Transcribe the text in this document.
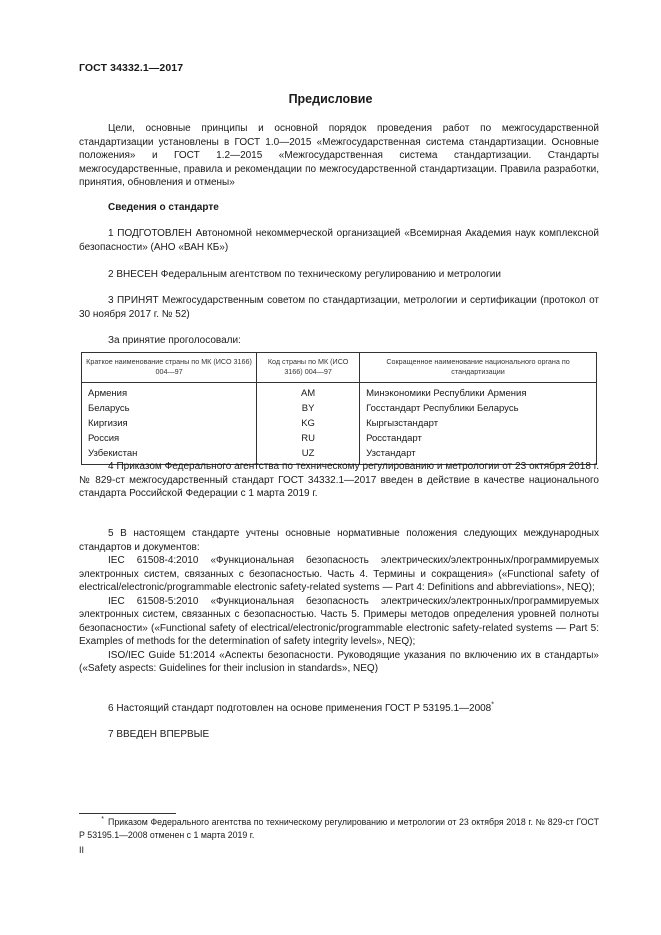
ГОСТ 34332.1—2017
Предисловие
Цели, основные принципы и основной порядок проведения работ по межгосударственной стандартизации установлены в ГОСТ 1.0—2015 «Межгосударственная система стандартизации. Основные положения» и ГОСТ 1.2—2015 «Межгосударственная система стандартизации. Стандарты межгосударственные, правила и рекомендации по межгосударственной стандартизации. Правила разработки, принятия, обновления и отмены»
Сведения о стандарте
1 ПОДГОТОВЛЕН Автономной некоммерческой организацией «Всемирная Академия наук комплексной безопасности» (АНО «ВАН КБ»)
2 ВНЕСЕН Федеральным агентством по техническому регулированию и метрологии
3 ПРИНЯТ Межгосударственным советом по стандартизации, метрологии и сертификации (протокол от 30 ноября 2017 г. № 52)
За принятие проголосовали:
Краткое наименование страны по МК (ИСО 3166) 004—97	Код страны по МК (ИСО 3166) 004—97	Сокращенное наименование национального органа по стандартизации
Армения	AM	Минэкономики Республики Армения
Беларусь	BY	Госстандарт Республики Беларусь
Киргизия	KG	Кыргызстандарт
Россия	RU	Росстандарт
Узбекистан	UZ	Узстандарт
4 Приказом Федерального агентства по техническому регулированию и метрологии от 23 октября 2018 г. № 829-ст межгосударственный стандарт ГОСТ 34332.1—2017 введен в действие в качестве национального стандарта Российской Федерации с 1 марта 2019 г.
5 В настоящем стандарте учтены основные нормативные положения следующих международных стандартов и документов:
IEC 61508-4:2010 «Функциональная безопасность электрических/электронных/программируемых электронных систем, связанных с безопасностью. Часть 4. Термины и сокращения» («Functional safety of electrical/electronic/programmable electronic safety-related systems — Part 4: Definitions and abbreviations», NEQ);
IEC 61508-5:2010 «Функциональная безопасность электрических/электронных/программируемых электронных систем, связанных с безопасностью. Часть 5. Примеры методов определения уровней полноты безопасности» («Functional safety of electrical/electronic/programmable electronic safety-related systems — Part 5: Examples of methods for the determination of safety integrity levels», NEQ);
ISO/IEC Guide 51:2014 «Аспекты безопасности. Руководящие указания по включению их в стандарты» («Safety aspects: Guidelines for their inclusion in standards», NEQ)
6 Настоящий стандарт подготовлен на основе применения ГОСТ Р 53195.1—2008*
7 ВВЕДЕН ВПЕРВЫЕ
* Приказом Федерального агентства по техническому регулированию и метрологии от 23 октября 2018 г. № 829-ст ГОСТ Р 53195.1—2008 отменен с 1 марта 2019 г.
II
